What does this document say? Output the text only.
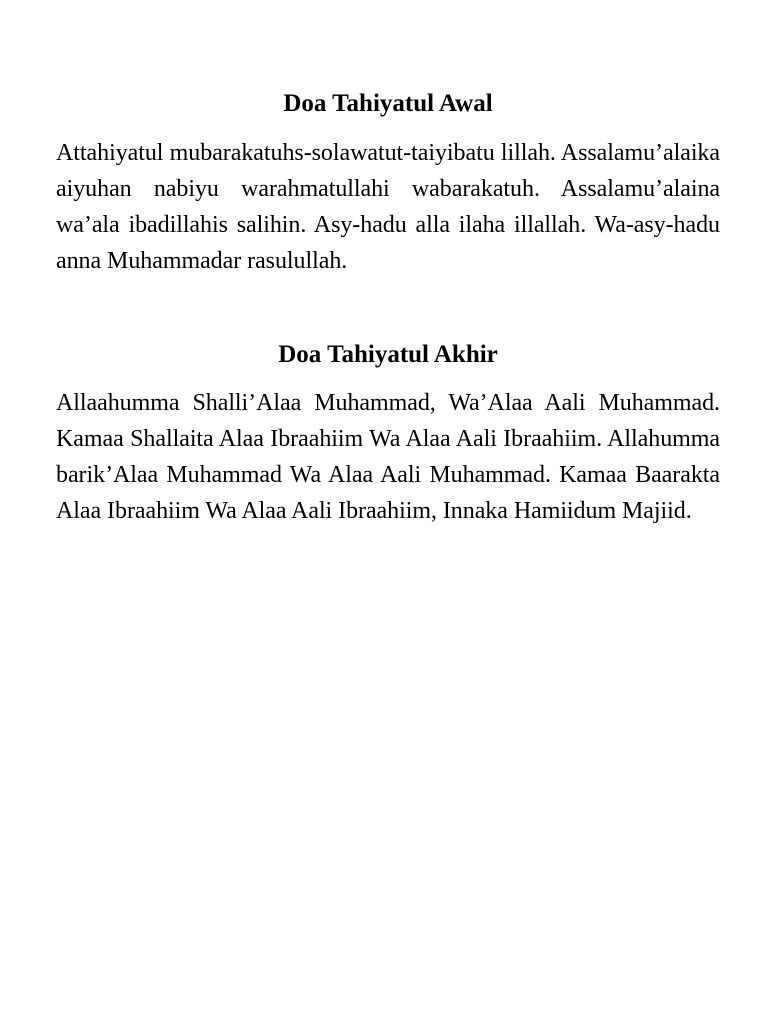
Doa Tahiyatul Awal

Attahiyatul mubarakatuhs-solawatut-taiyibatu lillah. Assalamu’alaika aiyuhan nabiyu warahmatullahi wabarakatuh. Assalamu’alaina wa’ala ibadillahis salihin. Asy-hadu alla ilaha illallah. Wa-asy-hadu anna Muhammadar rasulullah.

Doa Tahiyatul Akhir

Allaahumma Shalli’Alaa Muhammad, Wa’Alaa Aali Muhammad. Kamaa Shallaita Alaa Ibraahiim Wa Alaa Aali Ibraahiim. Allahumma barik’Alaa Muhammad Wa Alaa Aali Muhammad. Kamaa Baarakta Alaa Ibraahiim Wa Alaa Aali Ibraahiim, Innaka Hamiidum Majiid.
